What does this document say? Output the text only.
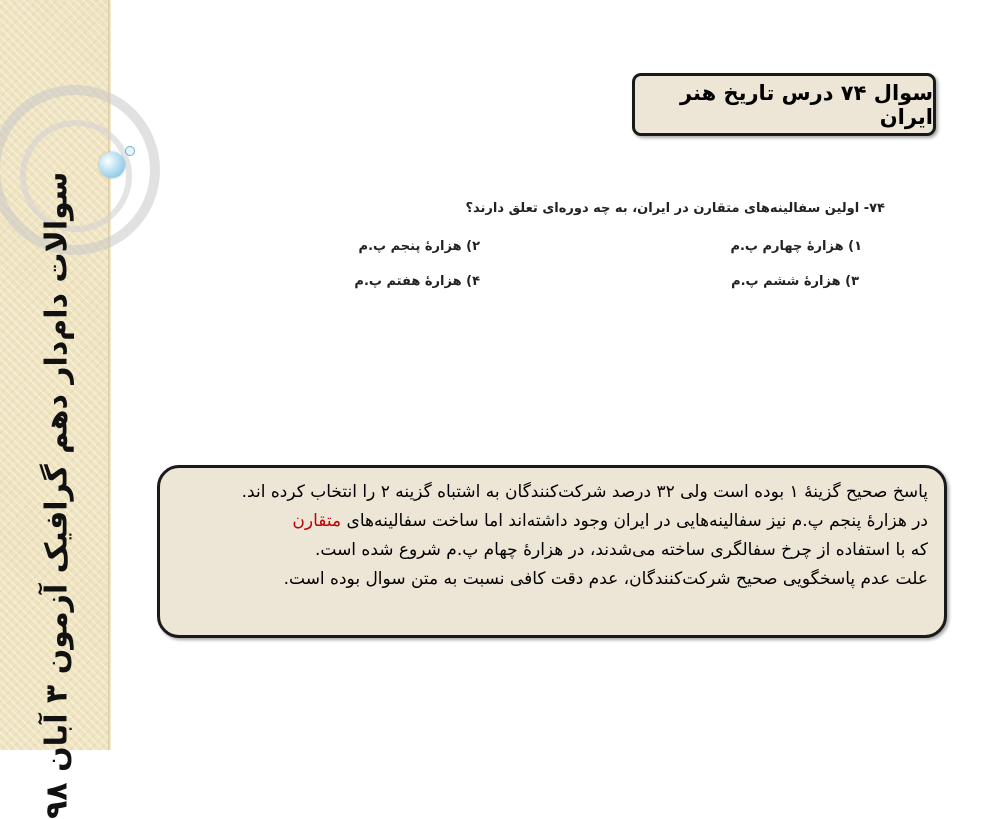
سوالات دام‌دار دهم گرافیک آزمون ۳ آبان ۹۸
سوال ۷۴ درس تاریخ هنر ایران
۷۴- اولین سفالینه‌های متقارن در ایران، به چه دوره‌ای تعلق دارند؟
۱) هزارهٔ چهارم پ.م
۲) هزارهٔ پنجم پ.م
۳) هزارهٔ ششم پ.م
۴) هزارهٔ هفتم پ.م

پاسخ صحیح گزینهٔ ۱ بوده است ولی ۳۲ درصد شرکت‌کنندگان به اشتباه گزینه ۲ را انتخاب کرده اند.

در هزارهٔ پنجم پ.م نیز سفالینه‌هایی در ایران وجود داشته‌اند اما ساخت سفالینه‌های متقارن

که با استفاده از چرخ سفالگری ساخته می‌شدند، در هزارهٔ چهام پ.م شروع شده است.

علت عدم پاسخگویی صحیح شرکت‌کنندگان، عدم دقت کافی نسبت به متن سوال بوده است.
